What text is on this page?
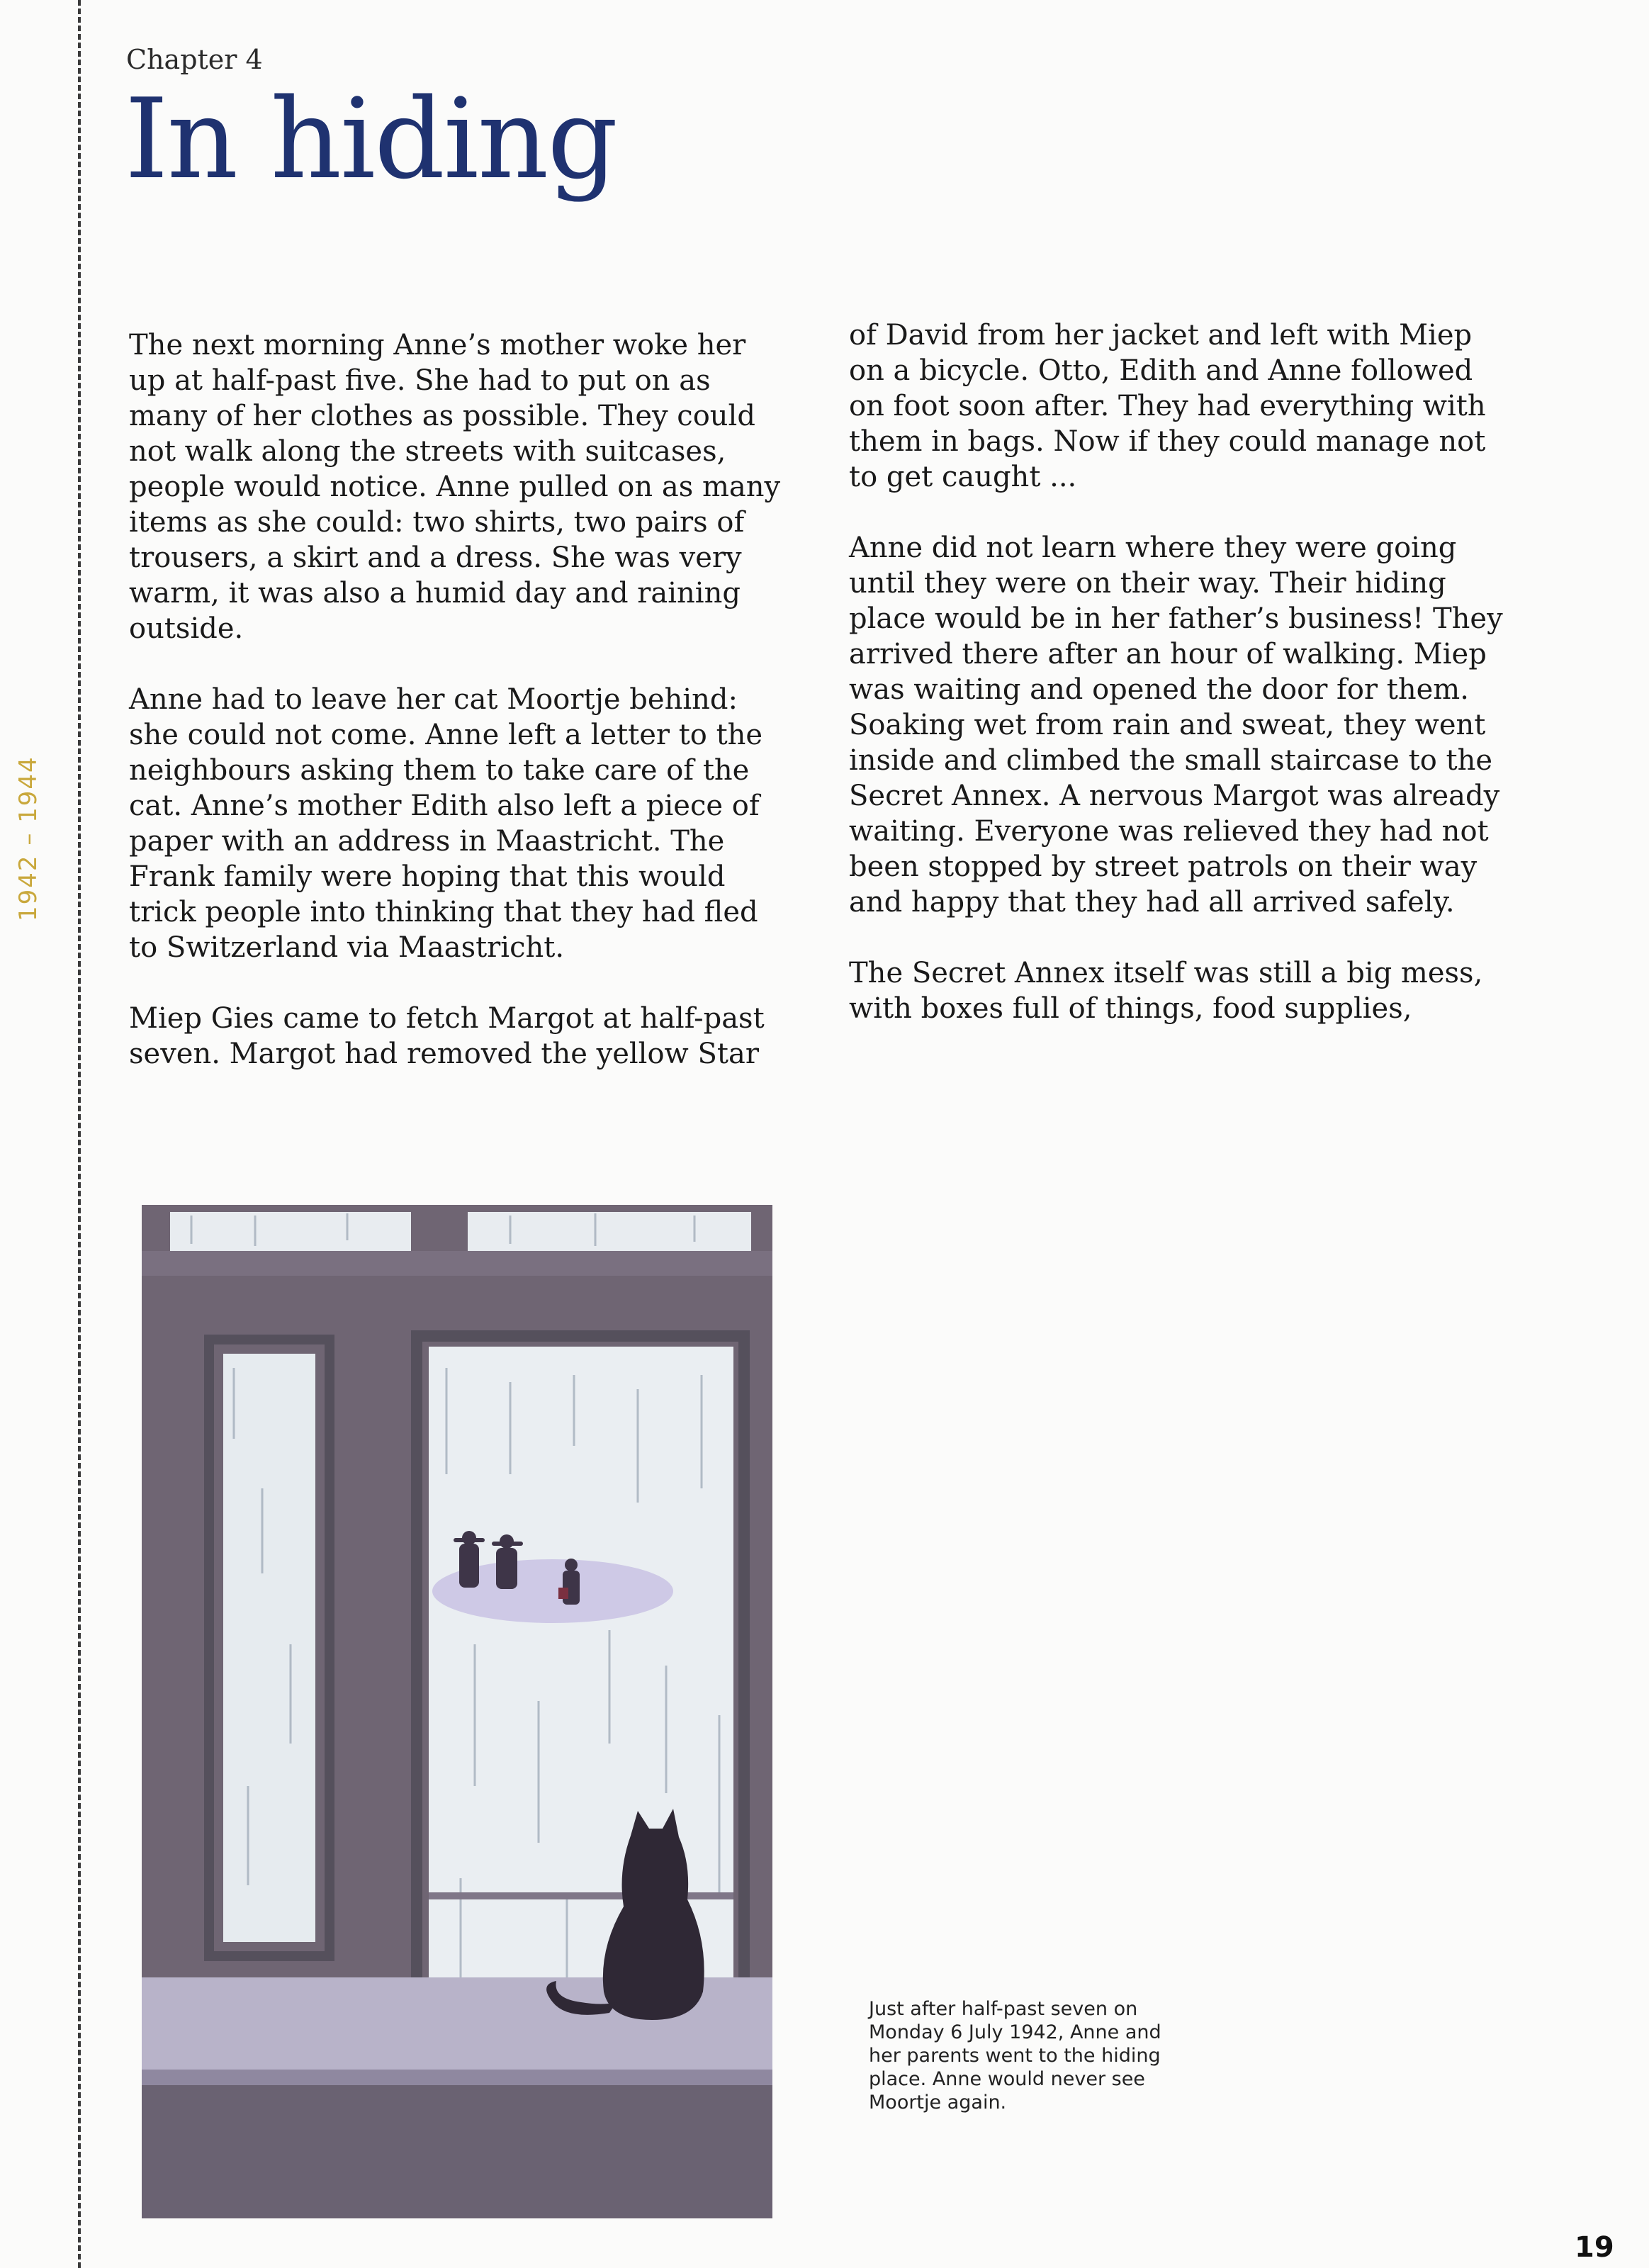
1942 – 1944
Chapter 4
In hiding

The next morning Anne’s mother woke her up at half-past five. She had to put on as many of her clothes as possible. They could not walk along the streets with suitcases, people would notice. Anne pulled on as many items as she could: two shirts, two pairs of trousers, a skirt and a dress. She was very warm, it was also a humid day and raining outside.

Anne had to leave her cat Moortje behind: she could not come. Anne left a letter to the neighbours asking them to take care of the cat. Anne’s mother Edith also left a piece of paper with an address in Maastricht. The Frank family were hoping that this would trick people into thinking that they had fled to Switzerland via Maastricht.

Miep Gies came to fetch Margot at half-past seven. Margot had removed the yellow Star

of David from her jacket and left with Miep on a bicycle. Otto, Edith and Anne followed on foot soon after. They had everything with them in bags. Now if they could manage not to get caught ...

Anne did not learn where they were going until they were on their way. Their hiding place would be in her father’s business! They arrived there after an hour of walking. Miep was waiting and opened the door for them. Soaking wet from rain and sweat, they went inside and climbed the small staircase to the Secret Annex. A nervous Margot was already waiting. Everyone was relieved they had not been stopped by street patrols on their way and happy that they had all arrived safely.

The Secret Annex itself was still a big mess, with boxes full of things, food supplies,

Just after half-past seven on Monday 6 July 1942, Anne and her parents went to the hiding place. Anne would never see Moortje again.
19
